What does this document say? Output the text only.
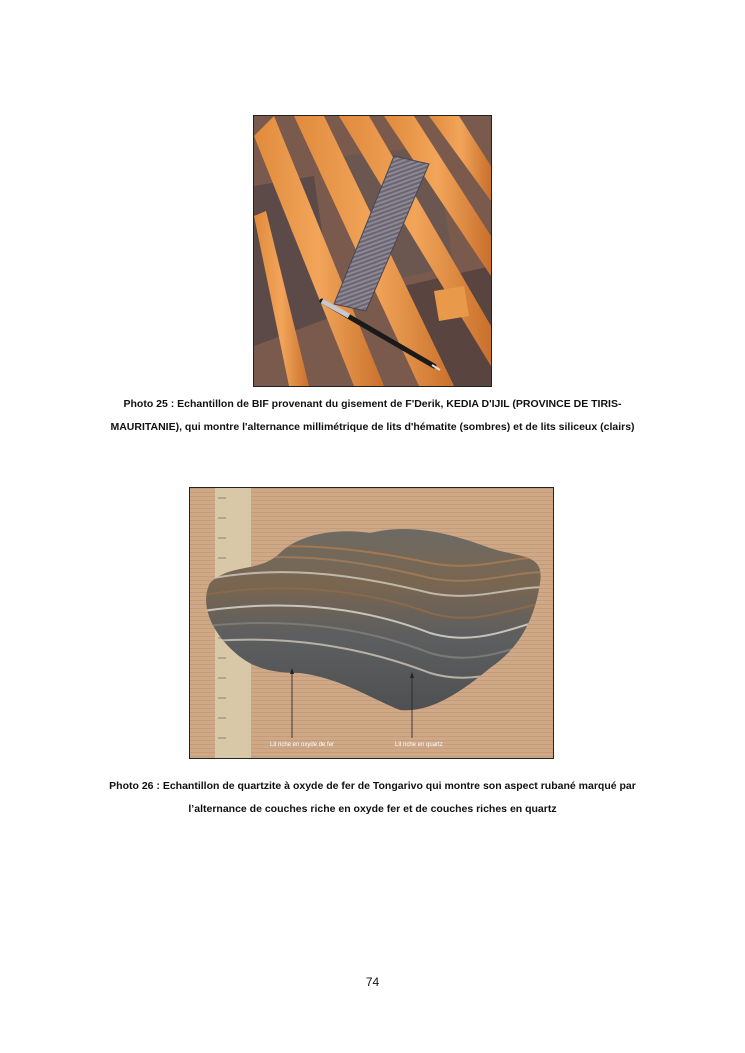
Photo 25 : Echantillon de BIF provenant du gisement de F'Derik, KEDIA D'IJIL (PROVINCE DE TIRIS-
MAURITANIE), qui montre l'alternance millimétrique de lits d'hématite (sombres) et de lits siliceux (clairs)
Lit riche en oxyde de fer	Lit riche en quartz
Photo 26 : Echantillon de quartzite à oxyde de fer de Tongarivo qui montre son aspect rubané marqué par
l’alternance de couches riche en oxyde fer et de couches riches en quartz
74
